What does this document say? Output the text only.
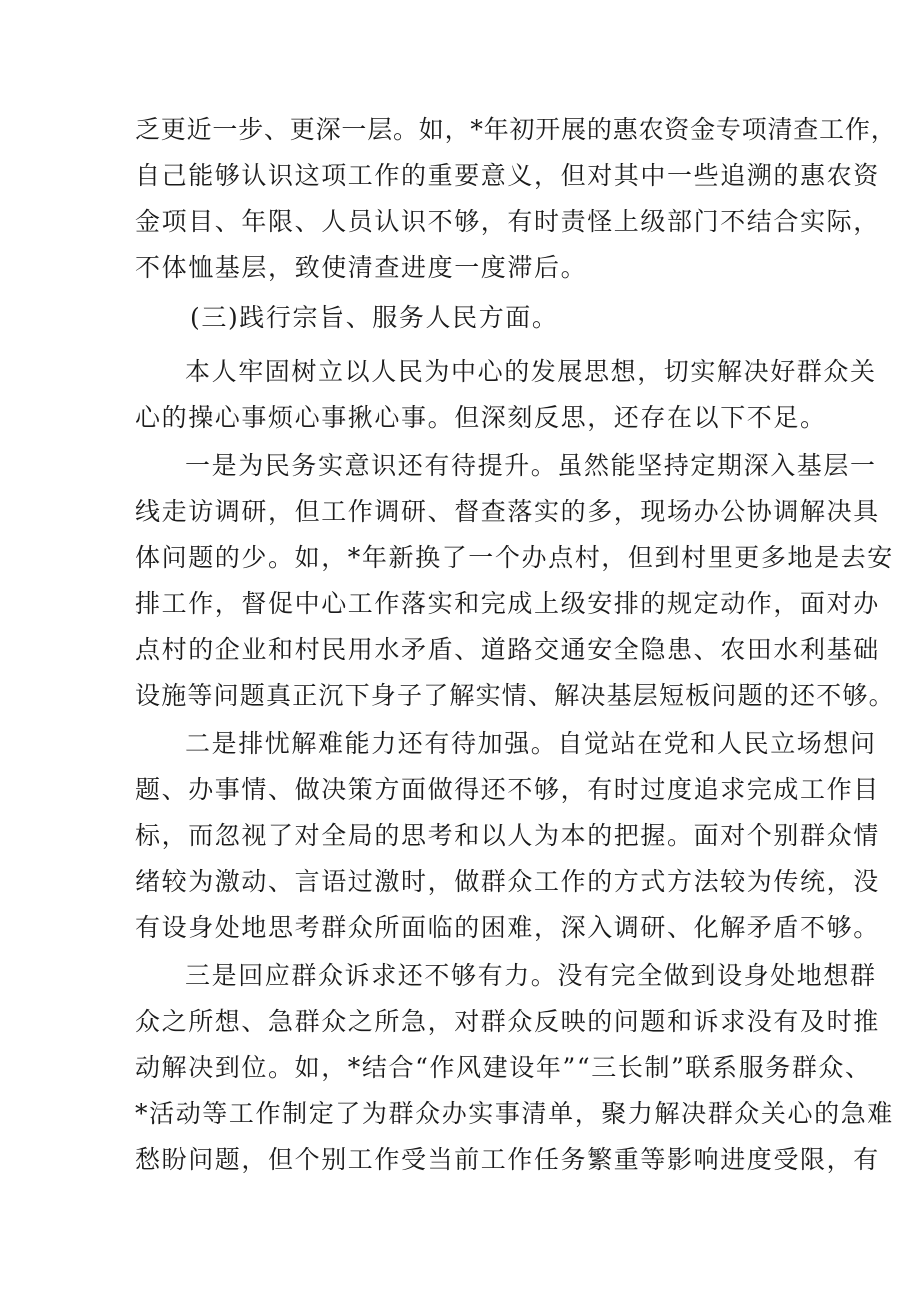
乏更近一步、更深一层。如，*年初开展的惠农资金专项清查工作，
自己能够认识这项工作的重要意义，但对其中一些追溯的惠农资
金项目、年限、人员认识不够，有时责怪上级部门不结合实际，
不体恤基层，致使清查进度一度滞后。
(三)践行宗旨、服务人民方面。
本人牢固树立以人民为中心的发展思想，切实解决好群众关
心的操心事烦心事揪心事。但深刻反思，还存在以下不足。
一是为民务实意识还有待提升。虽然能坚持定期深入基层一
线走访调研，但工作调研、督查落实的多，现场办公协调解决具
体问题的少。如，*年新换了一个办点村，但到村里更多地是去安
排工作，督促中心工作落实和完成上级安排的规定动作，面对办
点村的企业和村民用水矛盾、道路交通安全隐患、农田水利基础
设施等问题真正沉下身子了解实情、解决基层短板问题的还不够。
二是排忧解难能力还有待加强。自觉站在党和人民立场想问
题、办事情、做决策方面做得还不够，有时过度追求完成工作目
标，而忽视了对全局的思考和以人为本的把握。面对个别群众情
绪较为激动、言语过激时，做群众工作的方式方法较为传统，没
有设身处地思考群众所面临的困难，深入调研、化解矛盾不够。
三是回应群众诉求还不够有力。没有完全做到设身处地想群
众之所想、急群众之所急，对群众反映的问题和诉求没有及时推
动解决到位。如，*结合“作风建设年”“三长制”联系服务群众、
*活动等工作制定了为群众办实事清单，聚力解决群众关心的急难
愁盼问题，但个别工作受当前工作任务繁重等影响进度受限，有
